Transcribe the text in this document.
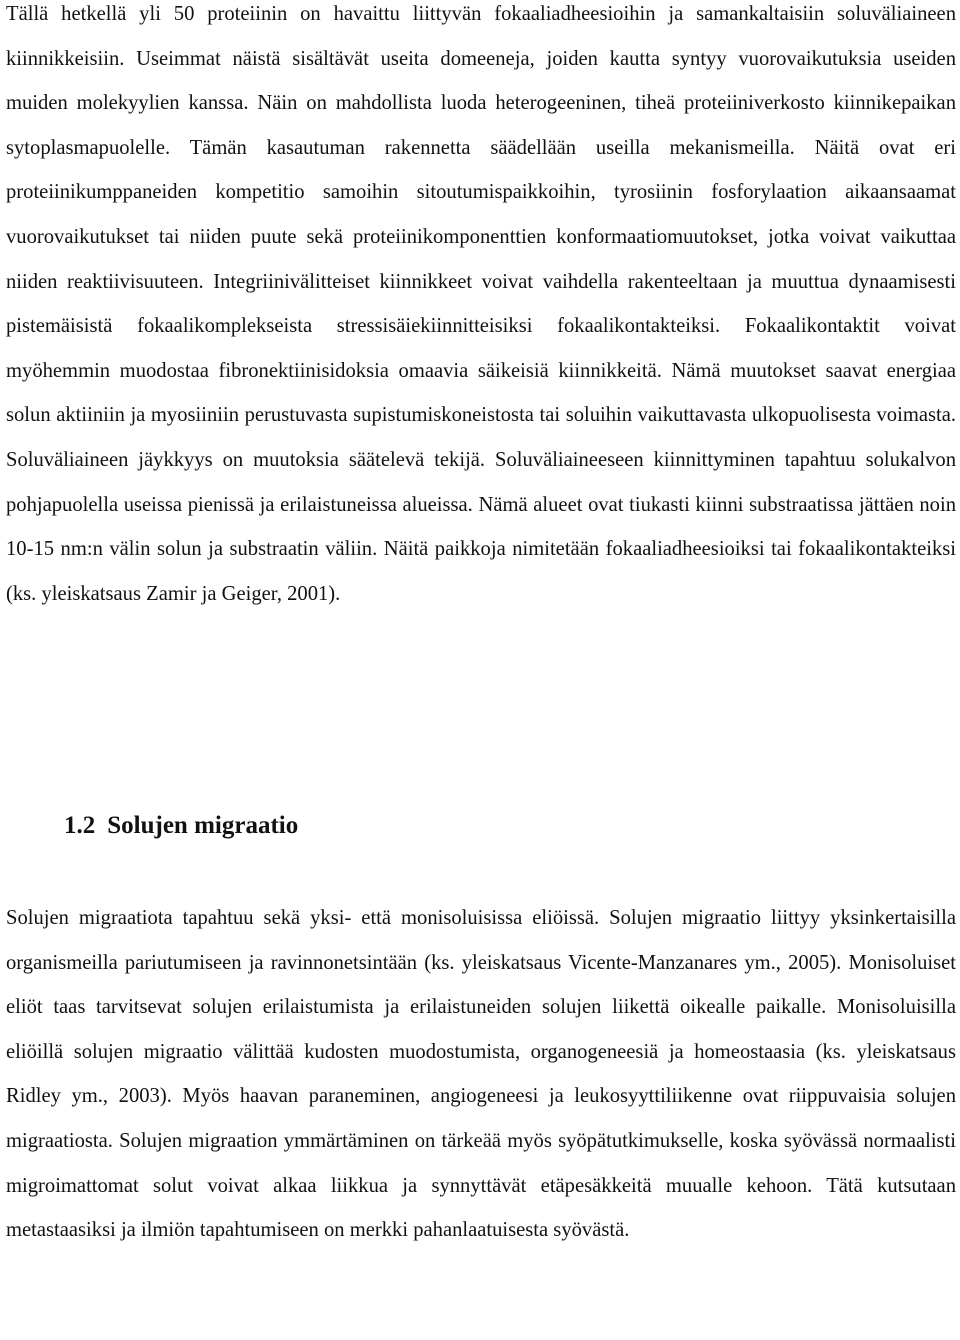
Tällä hetkellä yli 50 proteiinin on havaittu liittyvän fokaaliadheesioihin ja samankaltaisiin soluväliaineen kiinnikkeisiin. Useimmat näistä sisältävät useita domeeneja, joiden kautta syntyy vuorovaikutuksia useiden muiden molekyylien kanssa. Näin on mahdollista luoda heterogeeninen, tiheä proteiiniverkosto kiinnikepaikan sytoplasmapuolelle. Tämän kasautuman rakennetta säädellään useilla mekanismeilla. Näitä ovat eri proteiinikumppaneiden kompetitio samoihin sitoutumispaikkoihin, tyrosiinin fosforylaation aikaansaamat vuorovaikutukset tai niiden puute sekä proteiinikomponenttien konformaatiomuutokset, jotka voivat vaikuttaa niiden reaktiivisuuteen. Integriinivälitteiset kiinnikkeet voivat vaihdella rakenteeltaan ja muuttua dynaamisesti pistemäisistä fokaalikomplekseista stressisäiekiinnitteisiksi fokaalikontakteiksi. Fokaalikontaktit voivat myöhemmin muodostaa fibronektiinisidoksia omaavia säikeisiä kiinnikkeitä. Nämä muutokset saavat energiaa solun aktiiniin ja myosiiniin perustuvasta supistumiskoneistosta tai soluihin vaikuttavasta ulkopuolisesta voimasta. Soluväliaineen jäykkyys on muutoksia säätelevä tekijä. Soluväliaineeseen kiinnittyminen tapahtuu solukalvon pohjapuolella useissa pienissä ja erilaistuneissa alueissa. Nämä alueet ovat tiukasti kiinni substraatissa jättäen noin 10-15 nm:n välin solun ja substraatin väliin. Näitä paikkoja nimitetään fokaaliadheesioiksi tai fokaalikontakteiksi (ks. yleiskatsaus Zamir ja Geiger, 2001).

1.2 Solujen migraatio

Solujen migraatiota tapahtuu sekä yksi- että monisoluisissa eliöissä. Solujen migraatio liittyy yksinkertaisilla organismeilla pariutumiseen ja ravinnonetsintään (ks. yleiskatsaus Vicente-Manzanares ym., 2005). Monisoluiset eliöt taas tarvitsevat solujen erilaistumista ja erilaistuneiden solujen liikettä oikealle paikalle. Monisoluisilla eliöillä solujen migraatio välittää kudosten muodostumista, organogeneesiä ja homeostaasia (ks. yleiskatsaus Ridley ym., 2003). Myös haavan paraneminen, angiogeneesi ja leukosyyttiliikenne ovat riippuvaisia solujen migraatiosta. Solujen migraation ymmärtäminen on tärkeää myös syöpätutkimukselle, koska syövässä normaalisti migroimattomat solut voivat alkaa liikkua ja synnyttävät etäpesäkkeitä muualle kehoon. Tätä kutsutaan metastaasiksi ja ilmiön tapahtumiseen on merkki pahanlaatuisesta syövästä.
